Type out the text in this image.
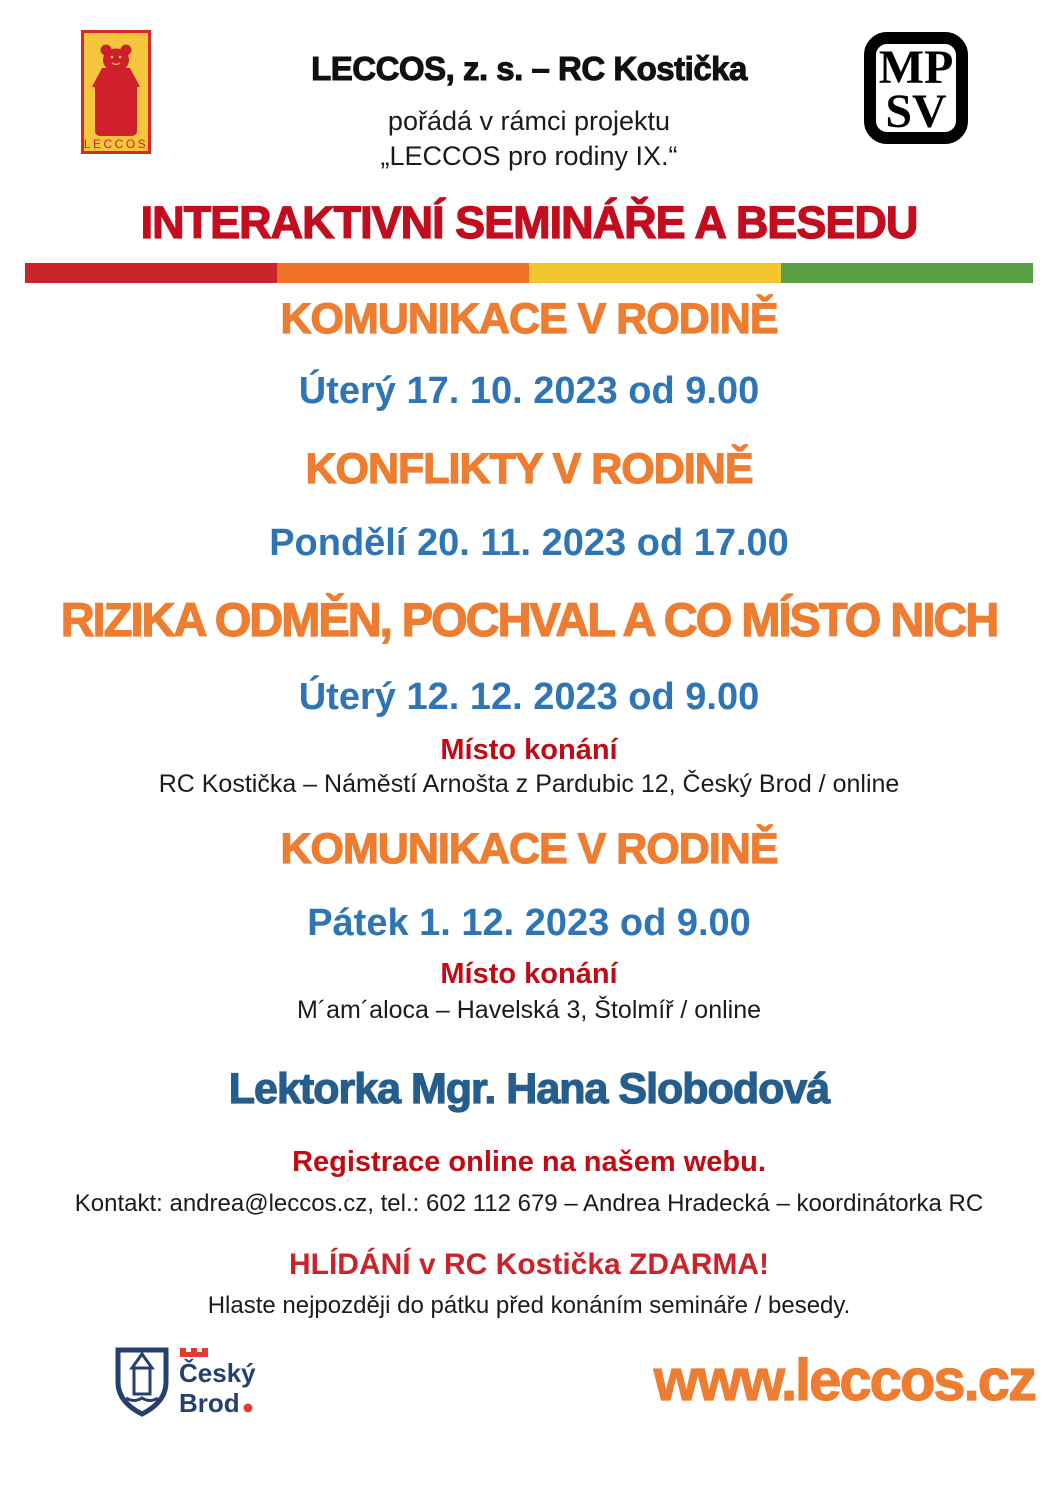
LECCOS
MP
SV
LECCOS, z. s. – RC Kostička
pořádá v rámci projektu
„LECCOS pro rodiny IX.“
INTERAKTIVNÍ SEMINÁŘE A BESEDU
KOMUNIKACE V RODINĚ
Úterý 17. 10. 2023 od 9.00
KONFLIKTY V RODINĚ
Pondělí 20. 11. 2023 od 17.00
RIZIKA ODMĚN, POCHVAL A CO MÍSTO NICH
Úterý 12. 12. 2023 od 9.00
Místo konání
RC Kostička – Náměstí Arnošta z Pardubic 12, Český Brod / online
KOMUNIKACE V RODINĚ
Pátek 1. 12. 2023 od 9.00
Místo konání
M´am´aloca – Havelská 3, Štolmíř / online
Lektorka Mgr. Hana Slobodová
Registrace online na našem webu.
Kontakt: andrea@leccos.cz, tel.: 602 112 679 – Andrea Hradecká – koordinátorka RC
HLÍDÁNÍ v RC Kostička ZDARMA!
Hlaste nejpozději do pátku před konáním semináře / besedy.
Český
Brod	www.leccos.cz
